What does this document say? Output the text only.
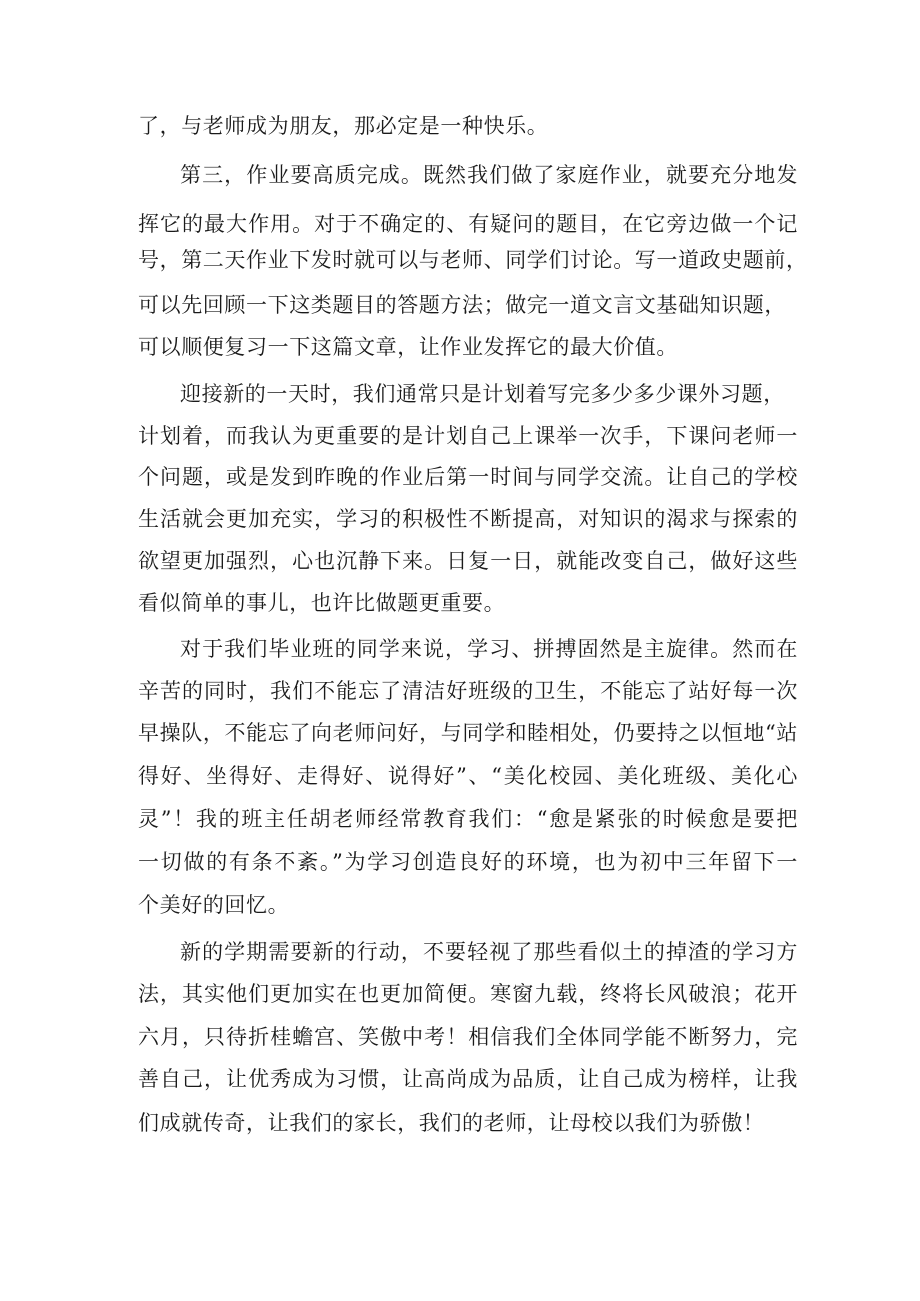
了，与老师成为朋友，那必定是一种快乐。
第三，作业要高质完成。既然我们做了家庭作业，就要充分地发
挥它的最大作用。对于不确定的、有疑问的题目，在它旁边做一个记
号，第二天作业下发时就可以与老师、同学们讨论。写一道政史题前，
可以先回顾一下这类题目的答题方法；做完一道文言文基础知识题，
可以顺便复习一下这篇文章，让作业发挥它的最大价值。
迎接新的一天时，我们通常只是计划着写完多少多少课外习题，
计划着，而我认为更重要的是计划自己上课举一次手，下课问老师一
个问题，或是发到昨晚的作业后第一时间与同学交流。让自己的学校
生活就会更加充实，学习的积极性不断提高，对知识的渴求与探索的
欲望更加强烈，心也沉静下来。日复一日，就能改变自己，做好这些
看似简单的事儿，也许比做题更重要。
对于我们毕业班的同学来说，学习、拼搏固然是主旋律。然而在
辛苦的同时，我们不能忘了清洁好班级的卫生，不能忘了站好每一次
早操队，不能忘了向老师问好，与同学和睦相处，仍要持之以恒地“站
得好、坐得好、走得好、说得好”、“美化校园、美化班级、美化心
灵”！我的班主任胡老师经常教育我们：“愈是紧张的时候愈是要把
一切做的有条不紊。”为学习创造良好的环境，也为初中三年留下一
个美好的回忆。
新的学期需要新的行动，不要轻视了那些看似土的掉渣的学习方
法，其实他们更加实在也更加简便。寒窗九载，终将长风破浪；花开
六月，只待折桂蟾宫、笑傲中考！相信我们全体同学能不断努力，完
善自己，让优秀成为习惯，让高尚成为品质，让自己成为榜样，让我
们成就传奇，让我们的家长，我们的老师，让母校以我们为骄傲！
